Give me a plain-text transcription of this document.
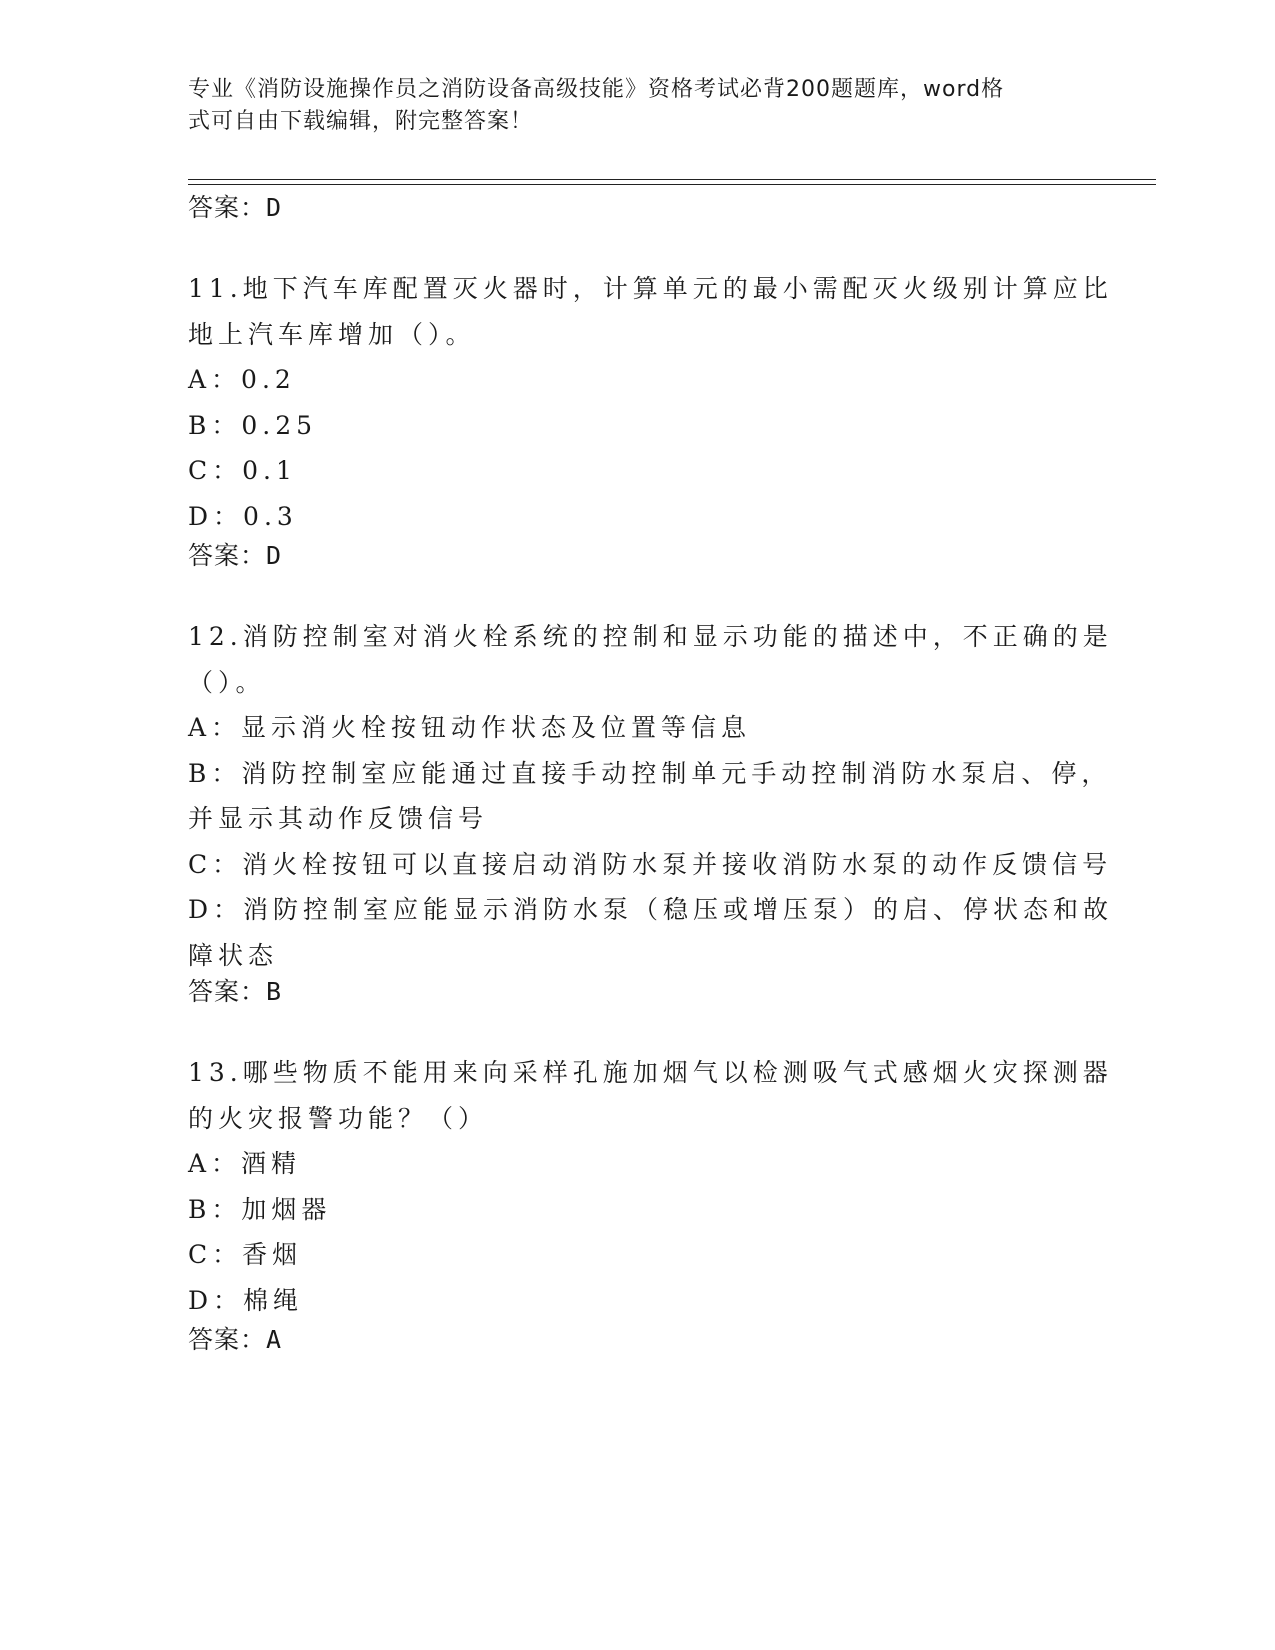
专业《消防设施操作员之消防设备高级技能》资格考试必背200题题库，word格
式可自由下载编辑，附完整答案！
答案：D
11.地下汽车库配置灭火器时，计算单元的最小需配灭火级别计算应比
地上汽车库增加（）。
A：0.2
B：0.25
C：0.1
D：0.3
答案：D
12.消防控制室对消火栓系统的控制和显示功能的描述中，不正确的是
（）。
A：显示消火栓按钮动作状态及位置等信息
B：消防控制室应能通过直接手动控制单元手动控制消防水泵启、停，
并显示其动作反馈信号
C：消火栓按钮可以直接启动消防水泵并接收消防水泵的动作反馈信号
D：消防控制室应能显示消防水泵（稳压或增压泵）的启、停状态和故
障状态
答案：B
13.哪些物质不能用来向采样孔施加烟气以检测吸气式感烟火灾探测器
的火灾报警功能？（）
A：酒精
B：加烟器
C：香烟
D：棉绳
答案：A
